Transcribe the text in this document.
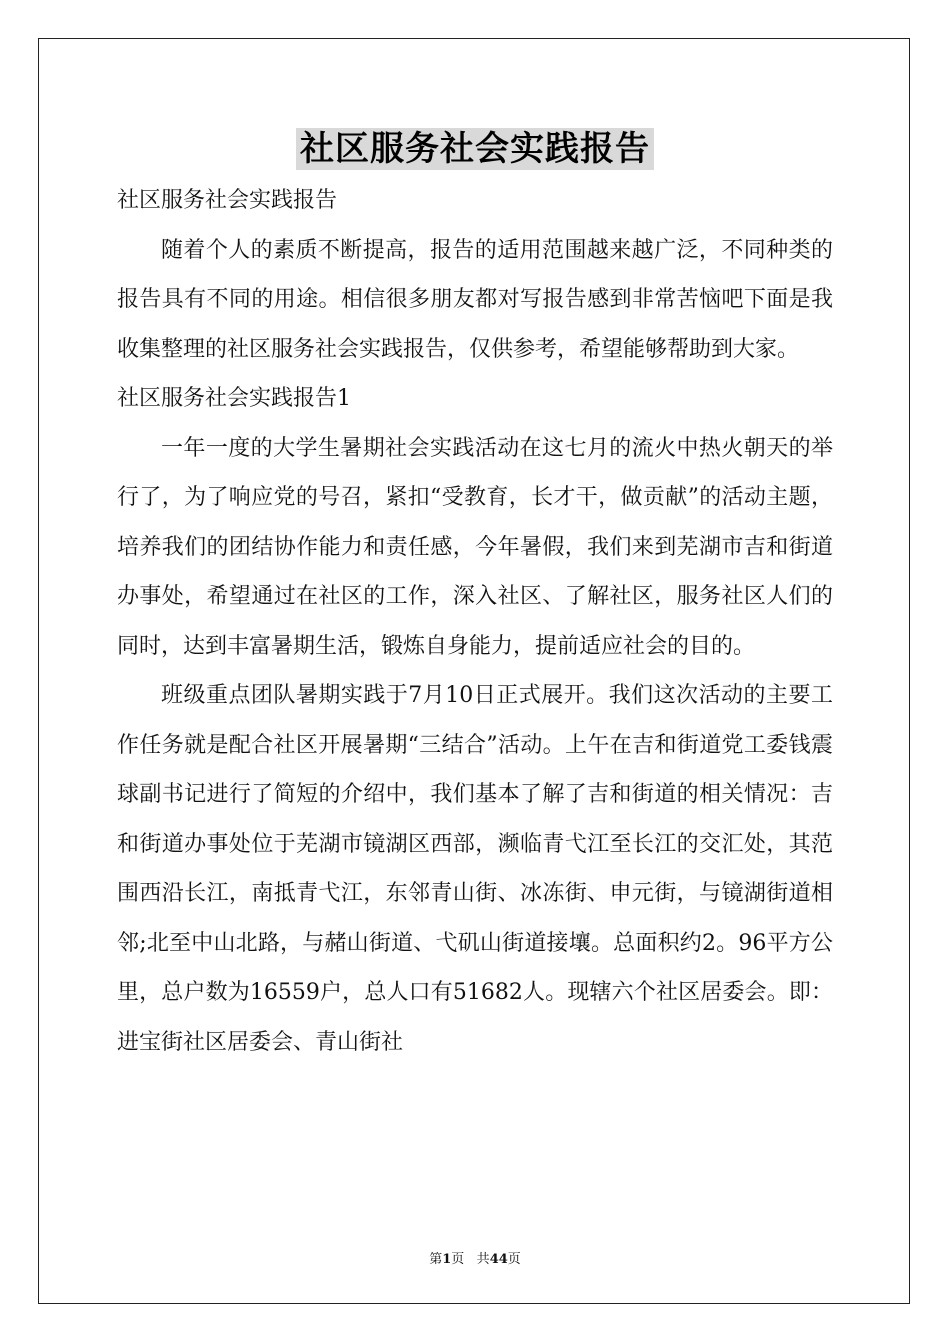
社区服务社会实践报告

社区服务社会实践报告

随着个人的素质不断提高，报告的适用范围越来越广泛，不同种类的报告具有不同的用途。相信很多朋友都对写报告感到非常苦恼吧下面是我收集整理的社区服务社会实践报告，仅供参考，希望能够帮助到大家。

社区服务社会实践报告1

一年一度的大学生暑期社会实践活动在这七月的流火中热火朝天的举行了，为了响应党的号召，紧扣“受教育，长才干，做贡献”的活动主题，培养我们的团结协作能力和责任感，今年暑假，我们来到芜湖市吉和街道办事处，希望通过在社区的工作，深入社区、了解社区，服务社区人们的同时，达到丰富暑期生活，锻炼自身能力，提前适应社会的目的。

班级重点团队暑期实践于7月10日正式展开。我们这次活动的主要工作任务就是配合社区开展暑期“三结合”活动。上午在吉和街道党工委钱震球副书记进行了简短的介绍中，我们基本了解了吉和街道的相关情况：吉和街道办事处位于芜湖市镜湖区西部，濒临青弋江至长江的交汇处，其范围西沿长江，南抵青弋江，东邻青山街、冰冻街、申元街，与镜湖街道相邻;北至中山北路，与赭山街道、弋矶山街道接壤。总面积约2。96平方公里，总户数为16559户，总人口有51682人。现辖六个社区居委会。即：进宝街社区居委会、青山街社

第1页 共44页
